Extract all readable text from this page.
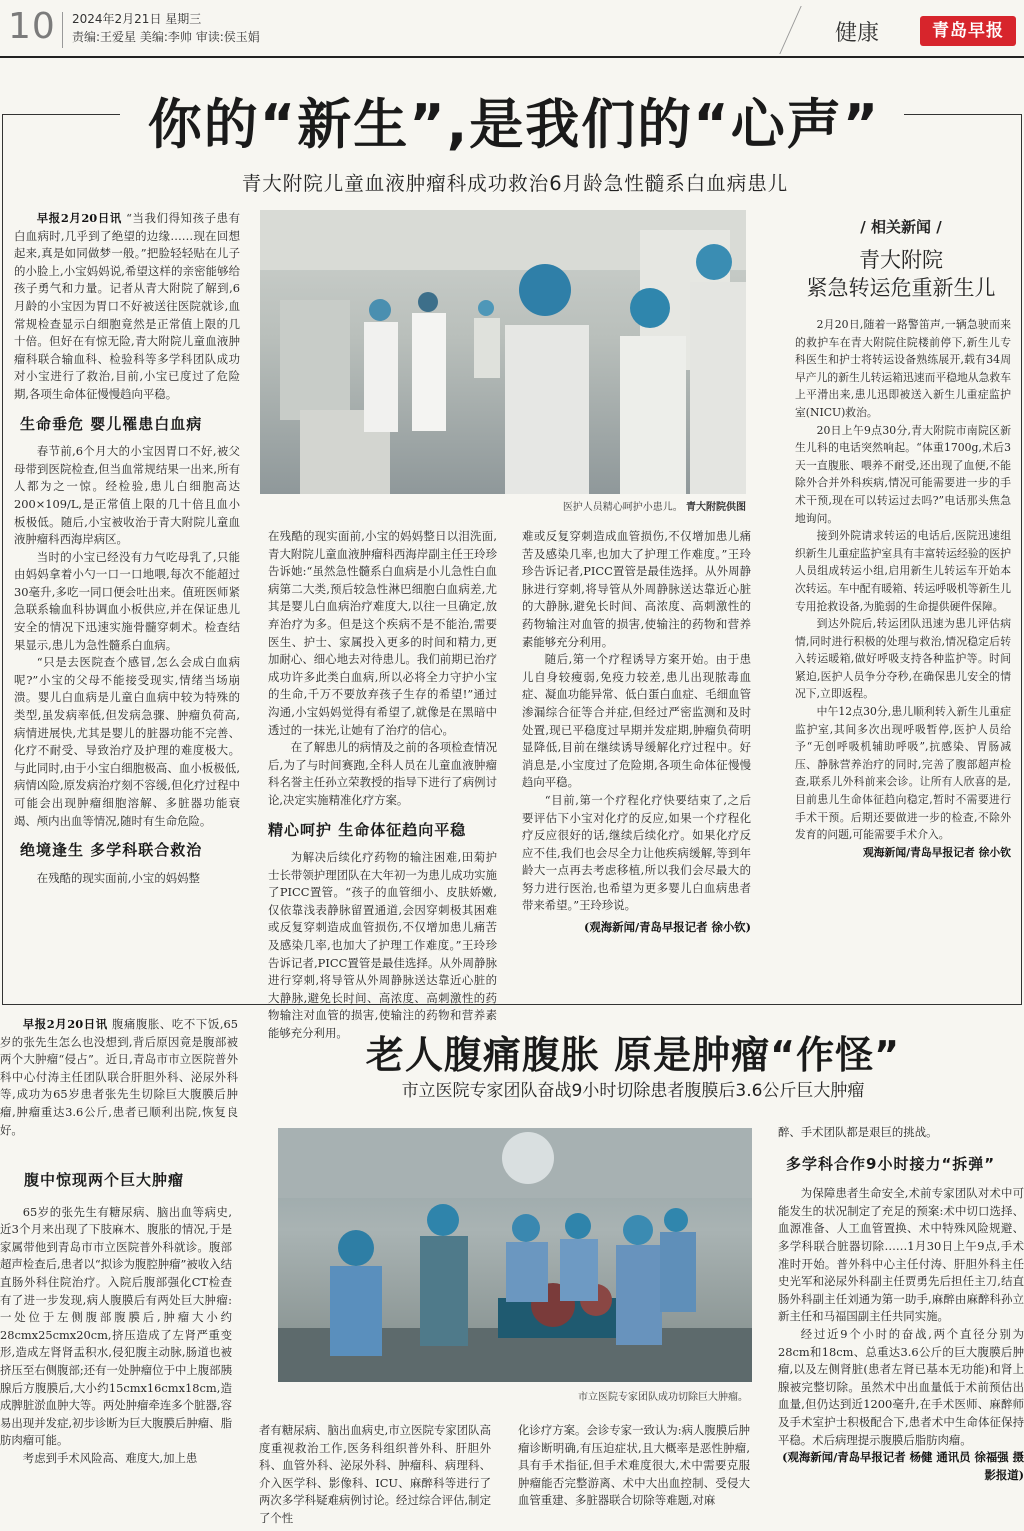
10 2024年2月21日 星期三
责编:王爱星 美编:李帅 审读:侯玉娟	健康	青岛早报
你的“新生”,是我们的“心声”
青大附院儿童血液肿瘤科成功救治6月龄急性髓系白血病患儿

早报2月20日讯 “当我们得知孩子患有白血病时,几乎到了绝望的边缘……现在回想起来,真是如同做梦一般。”把脸轻轻贴在儿子的小脸上,小宝妈妈说,希望这样的亲密能够给孩子勇气和力量。记者从青大附院了解到,6月龄的小宝因为胃口不好被送往医院就诊,血常规检查显示白细胞竟然是正常值上限的几十倍。但好在有惊无险,青大附院儿童血液肿瘤科联合输血科、检验科等多学科团队成功对小宝进行了救治,目前,小宝已度过了危险期,各项生命体征慢慢趋向平稳。

生命垂危 婴儿罹患白血病

春节前,6个月大的小宝因胃口不好,被父母带到医院检查,但当血常规结果一出来,所有人都为之一惊。经检验,患儿白细胞高达200×109/L,是正常值上限的几十倍且血小板极低。随后,小宝被收治于青大附院儿童血液肿瘤科西海岸病区。

当时的小宝已经没有力气吃母乳了,只能由妈妈拿着小勺一口一口地喂,每次不能超过30毫升,多吃一同口便会吐出来。值班医师紧急联系输血科协调血小板供应,并在保证患儿安全的情况下迅速实施骨髓穿刺术。检查结果显示,患儿为急性髓系白血病。

“只是去医院查个感冒,怎么会成白血病呢?”小宝的父母不能接受现实,情绪当场崩溃。婴儿白血病是儿童白血病中较为特殊的类型,虽发病率低,但发病急骤、肿瘤负荷高,病情进展快,尤其是婴儿的脏器功能不完善、化疗不耐受、导致治疗及护理的难度极大。与此同时,由于小宝白细胞极高、血小板极低,病情凶险,原发病治疗刻不容缓,但化疗过程中可能会出现肿瘤细胞溶解、多脏器功能衰竭、颅内出血等情况,随时有生命危险。

绝境逢生 多学科联合救治

在残酷的现实面前,小宝的妈妈整

医护人员精心呵护小患儿。 青大附院供图

在残酷的现实面前,小宝的妈妈整日以泪洗面,青大附院儿童血液肿瘤科西海岸副主任王玲珍告诉她:“虽然急性髓系白血病是小儿急性白血病第二大类,预后较急性淋巴细胞白血病差,尤其是婴儿白血病治疗难度大,以往一旦确定,放弃治疗为多。但是这个疾病不是不能治,需要医生、护士、家属投入更多的时间和精力,更加耐心、细心地去对待患儿。我们前期已治疗成功许多此类白血病,所以必将全力守护小宝的生命,千万不要放弃孩子生存的希望!”通过沟通,小宝妈妈觉得有希望了,就像是在黑暗中透过的一抹光,让她有了治疗的信心。

在了解患儿的病情及之前的各项检查情况后,为了与时间赛跑,全科人员在儿童血液肿瘤科名誉主任孙立荣教授的指导下进行了病例讨论,决定实施精准化疗方案。

精心呵护 生命体征趋向平稳

为解决后续化疗药物的输注困难,田菊护士长带领护理团队在大年初一为患儿成功实施了PICC置管。“孩子的血管细小、皮肤娇嫩,仅依靠浅表静脉留置通道,会因穿刺极其困难或反复穿刺造成血管损伤,不仅增加患儿痛苦及感染几率,也加大了护理工作难度。”王玲珍告诉记者,PICC置管是最佳选择。从外周静脉进行穿刺,将导管从外周静脉送达靠近心脏的大静脉,避免长时间、高浓度、高刺激性的药物输注对血管的损害,使输注的药物和营养素能够充分利用。

难或反复穿刺造成血管损伤,不仅增加患儿痛苦及感染几率,也加大了护理工作难度。”王玲珍告诉记者,PICC置管是最佳选择。从外周静脉进行穿刺,将导管从外周静脉送达靠近心脏的大静脉,避免长时间、高浓度、高刺激性的药物输注对血管的损害,使输注的药物和营养素能够充分利用。

随后,第一个疗程诱导方案开始。由于患儿自身较瘦弱,免疫力较差,患儿出现脓毒血症、凝血功能异常、低白蛋白血症、毛细血管渗漏综合征等合并症,但经过严密监测和及时处置,现已平稳度过早期并发症期,肿瘤负荷明显降低,目前在继续诱导缓解化疗过程中。好消息是,小宝度过了危险期,各项生命体征慢慢趋向平稳。

“目前,第一个疗程化疗快要结束了,之后要评估下小宝对化疗的反应,如果一个疗程化疗反应很好的话,继续后续化疗。如果化疗反应不佳,我们也会尽全力让他疾病缓解,等到年龄大一点再去考虑移植,所以我们会尽最大的努力进行医治,也希望为更多婴儿白血病患者带来希望。”王玲珍说。

(观海新闻/青岛早报记者 徐小钦)

/ 相关新闻 /
青大附院
紧急转运危重新生儿

2月20日,随着一路警笛声,一辆急驶而来的救护车在青大附院住院楼前停下,新生儿专科医生和护士将转运设备熟练展开,载有34周早产儿的新生儿转运箱迅速而平稳地从急救车上平滑出来,患儿迅即被送入新生儿重症监护室(NICU)救治。

20日上午9点30分,青大附院市南院区新生儿科的电话突然响起。“体重1700g,术后3天一直腹胀、喂养不耐受,还出现了血便,不能除外合并外科疾病,情况可能需要进一步的手术干预,现在可以转运过去吗?”电话那头焦急地询问。

接到外院请求转运的电话后,医院迅速组织新生儿重症监护室具有丰富转运经验的医护人员组成转运小组,启用新生儿转运车开始本次转运。车中配有暖箱、转运呼吸机等新生儿专用抢救设备,为脆弱的生命提供硬件保障。

到达外院后,转运团队迅速为患儿评估病情,同时进行积极的处理与救治,情况稳定后转入转运暖箱,做好呼吸支持各种监护等。时间紧迫,医护人员争分夺秒,在确保患儿安全的情况下,立即返程。

中午12点30分,患儿顺利转入新生儿重症监护室,其间多次出现呼吸暂停,医护人员给予“无创呼吸机辅助呼吸”,抗感染、胃肠减压、静脉营养治疗的同时,完善了腹部超声检查,联系儿外科前来会诊。让所有人欣喜的是,目前患儿生命体征趋向稳定,暂时不需要进行手术干预。后期还要做进一步的检查,不除外发育的问题,可能需要手术介入。

观海新闻/青岛早报记者 徐小钦

早报2月20日讯 腹痛腹胀、吃不下饭,65岁的张先生怎么也没想到,背后原因竟是腹部被两个大肿瘤“侵占”。近日,青岛市市立医院普外科中心付涛主任团队联合肝胆外科、泌尿外科等,成功为65岁患者张先生切除巨大腹膜后肿瘤,肿瘤重达3.6公斤,患者已顺利出院,恢复良好。

老人腹痛腹胀 原是肿瘤“作怪”
市立医院专家团队奋战9小时切除患者腹膜后3.6公斤巨大肿瘤
腹中惊现两个巨大肿瘤

65岁的张先生有糖尿病、脑出血等病史,近3个月来出现了下肢麻木、腹胀的情况,于是家属带他到青岛市市立医院普外科就诊。腹部超声检查后,患者以“拟诊为腹腔肿瘤”被收入结直肠外科住院治疗。入院后腹部强化CT检查有了进一步发现,病人腹膜后有两处巨大肿瘤:一处位于左侧腹部腹膜后,肿瘤大小约28cmx25cmx20cm,挤压造成了左肾严重变形,造成左肾肾盂积水,侵犯腹主动脉,肠道也被挤压至右侧腹部;还有一处肿瘤位于中上腹部胰腺后方腹膜后,大小约15cmx16cmx18cm,造成脾脏淤血肿大等。两处肿瘤牵连多个脏器,容易出现并发症,初步诊断为巨大腹膜后肿瘤、脂肪肉瘤可能。

考虑到手术风险高、难度大,加上患

市立医院专家团队成功切除巨大肿瘤。

者有糖尿病、脑出血病史,市立医院专家团队高度重视救治工作,医务科组织普外科、肝胆外科、血管外科、泌尿外科、肿瘤科、病理科、介入医学科、影像科、ICU、麻醉科等进行了两次多学科疑难病例讨论。经过综合评估,制定了个性

化诊疗方案。会诊专家一致认为:病人腹膜后肿瘤诊断明确,有压迫症状,且大概率是恶性肿瘤,具有手术指征,但手术难度很大,术中需要克服肿瘤能否完整游离、术中大出血控制、受侵大血管重建、多脏器联合切除等难题,对麻

醉、手术团队都是艰巨的挑战。

多学科合作9小时接力“拆弹”

为保障患者生命安全,术前专家团队对术中可能发生的状况制定了充足的预案:术中切口选择、血源准备、人工血管置换、术中特殊风险规避、多学科联合脏器切除……1月30日上午9点,手术准时开始。普外科中心主任付涛、肝胆外科主任史光军和泌尿外科副主任贾勇先后担任主刀,结直肠外科副主任刘通为第一助手,麻醉由麻醉科孙立新主任和马福国副主任共同实施。

经过近9个小时的奋战,两个直径分别为28cm和18cm、总重达3.6公斤的巨大腹膜后肿瘤,以及左侧肾脏(患者左肾已基本无功能)和肾上腺被完整切除。虽然术中出血量低于术前预估出血量,但仍达到近1200毫升,在手术医师、麻醉师及手术室护士积极配合下,患者术中生命体征保持平稳。术后病理提示腹膜后脂肪肉瘤。

(观海新闻/青岛早报记者 杨健 通讯员 徐福强 摄影报道)
